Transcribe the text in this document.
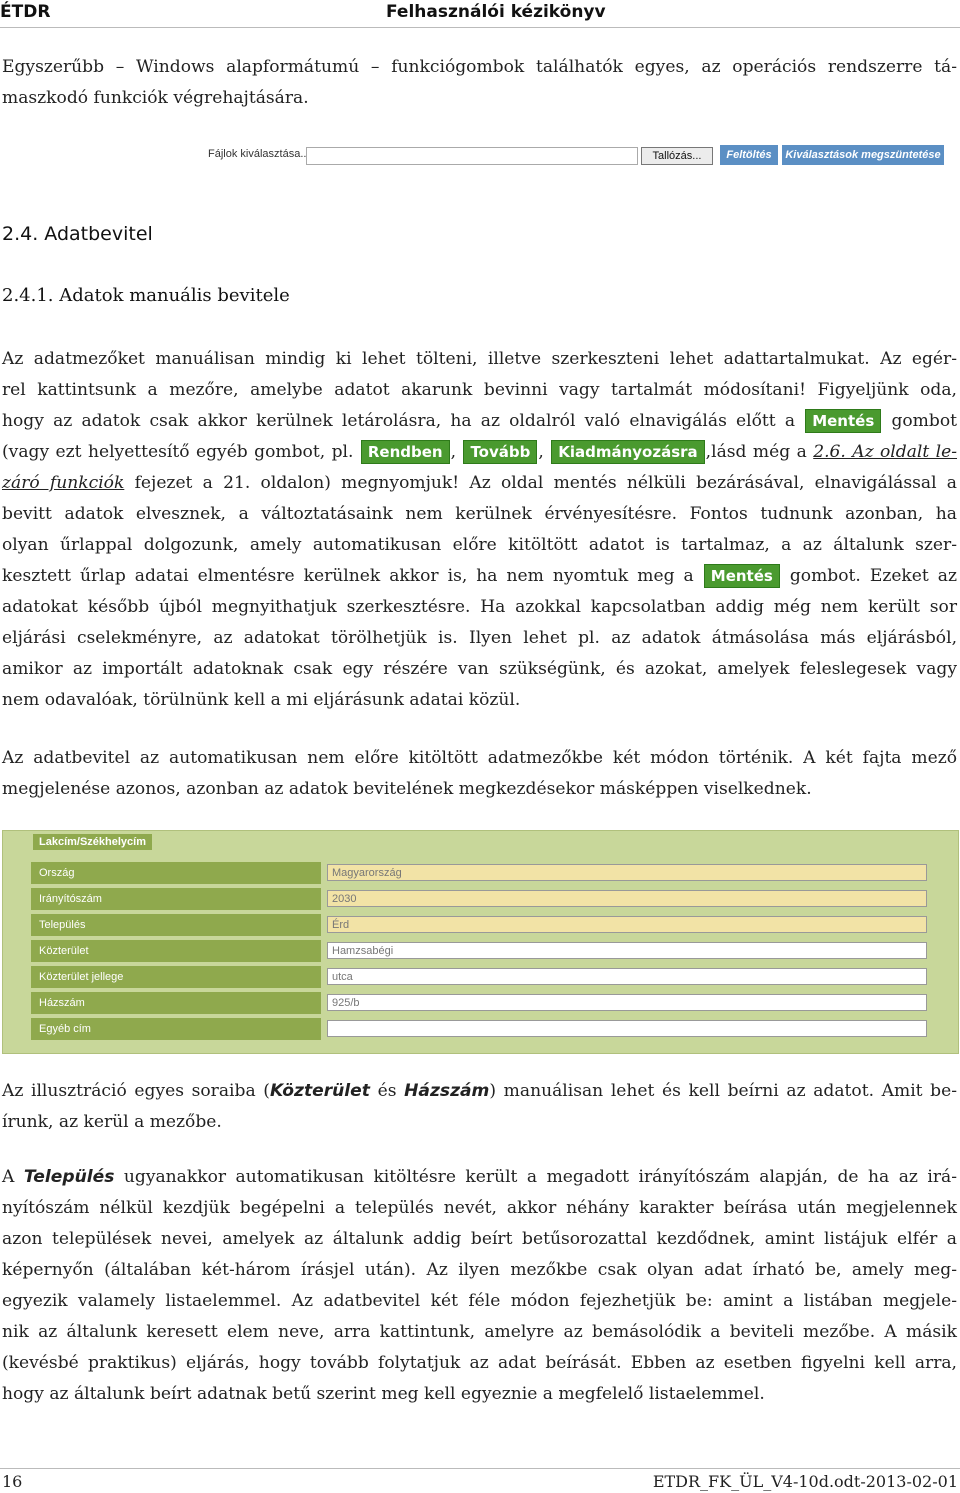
ÉTDR	Felhasználói kézikönyv
Egyszerűbb – Windows alapformátumú – funkciógombok találhatók egyes, az operációs rendszerre tá-
maszkodó funkciók végrehajtására.
Fájlok kiválasztása..	Tallózás...	Feltöltés	Kiválasztások megszüntetése
2.4. Adatbevitel
2.4.1. Adatok manuális bevitele
Az adatmezőket manuálisan mindig ki lehet tölteni, illetve szerkeszteni lehet adattartalmukat. Az egér-
rel kattintsunk a mezőre, amelybe adatot akarunk bevinni vagy tartalmát módosítani! Figyeljünk oda,
hogy az adatok csak akkor kerülnek letárolásra, ha az oldalról való elnavigálás előtt a Mentés gombot
(vagy ezt helyettesítő egyéb gombot, pl. Rendben , Tovább , Kiadmányozásra ,lásd még a 2.6. Az oldalt le-
záró funkciók fejezet a 21. oldalon) megnyomjuk! Az oldal mentés nélküli bezárásával, elnavigálással a
bevitt adatok elvesznek, a változtatásaink nem kerülnek érvényesítésre. Fontos tudnunk azonban, ha
olyan űrlappal dolgozunk, amely automatikusan előre kitöltött adatot is tartalmaz, a az általunk szer-
kesztett űrlap adatai elmentésre kerülnek akkor is, ha nem nyomtuk meg a Mentés gombot. Ezeket az
adatokat később újból megnyithatjuk szerkesztésre. Ha azokkal kapcsolatban addig még nem került sor
eljárási cselekményre, az adatokat törölhetjük is. Ilyen lehet pl. az adatok átmásolása más eljárásból,
amikor az importált adatoknak csak egy részére van szükségünk, és azokat, amelyek feleslegesek vagy
nem odavalóak, törülnünk kell a mi eljárásunk adatai közül.
Az adatbevitel az automatikusan nem előre kitöltött adatmezőkbe két módon történik. A két fajta mező
megjelenése azonos, azonban az adatok bevitelének megkezdésekor másképpen viselkednek.
Lakcím/Székhelycím
Ország	Magyarország
Irányítószám	2030
Település	Érd
Közterület	Hamzsabégi
Közterület jellege	utca
Házszám	925/b
Egyéb cím
Az illusztráció egyes soraiba (Közterület és Házszám) manuálisan lehet és kell beírni az adatot. Amit be-
írunk, az kerül a mezőbe.
A Település ugyanakkor automatikusan kitöltésre került a megadott irányítószám alapján, de ha az irá-
nyítószám nélkül kezdjük begépelni a település nevét, akkor néhány karakter beírása után megjelennek
azon települések nevei, amelyek az általunk addig beírt betűsorozattal kezdődnek, amint listájuk elfér a
képernyőn (általában két-három írásjel után). Az ilyen mezőkbe csak olyan adat írható be, amely meg-
egyezik valamely listaelemmel. Az adatbevitel két féle módon fejezhetjük be: amint a listában megjele-
nik az általunk keresett elem neve, arra kattintunk, amelyre az bemásolódik a beviteli mezőbe. A másik
(kevésbé praktikus) eljárás, hogy tovább folytatjuk az adat beírását. Ebben az esetben figyelni kell arra,
hogy az általunk beírt adatnak betű szerint meg kell egyeznie a megfelelő listaelemmel.
16	ETDR_FK_ÜL_V4-10d.odt-2013-02-01
